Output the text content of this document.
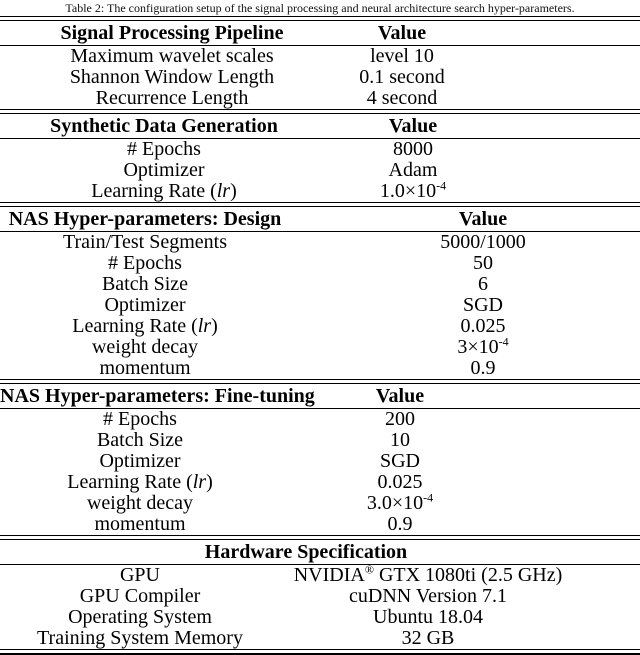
Table 2: The configuration setup of the signal processing and neural architecture search hyper-parameters.
Signal Processing Pipeline	Value
Maximum wavelet scales	level 10
Shannon Window Length	0.1 second
Recurrence Length	4 second
Synthetic Data Generation	Value
# Epochs	8000
Optimizer	Adam
Learning Rate (lr)	$1.0\times 10^{-4}$
NAS Hyper-parameters: Design	Value
Train/Test Segments	5000/1000
# Epochs	50
Batch Size	6
Optimizer	SGD
Learning Rate (lr)	0.025
weight decay	$3\times 10^{-4}$
momentum	0.9
NAS Hyper-parameters: Fine-tuning	Value
# Epochs	200
Batch Size	10
Optimizer	SGD
Learning Rate (lr)	0.025
weight decay	$3.0\times 10^{-4}$
momentum	0.9
Hardware Specification
GPU	NVIDIA® GTX 1080ti (2.5 GHz)
GPU Compiler	cuDNN Version 7.1
Operating System	Ubuntu 18.04
Training System Memory	32 GB
